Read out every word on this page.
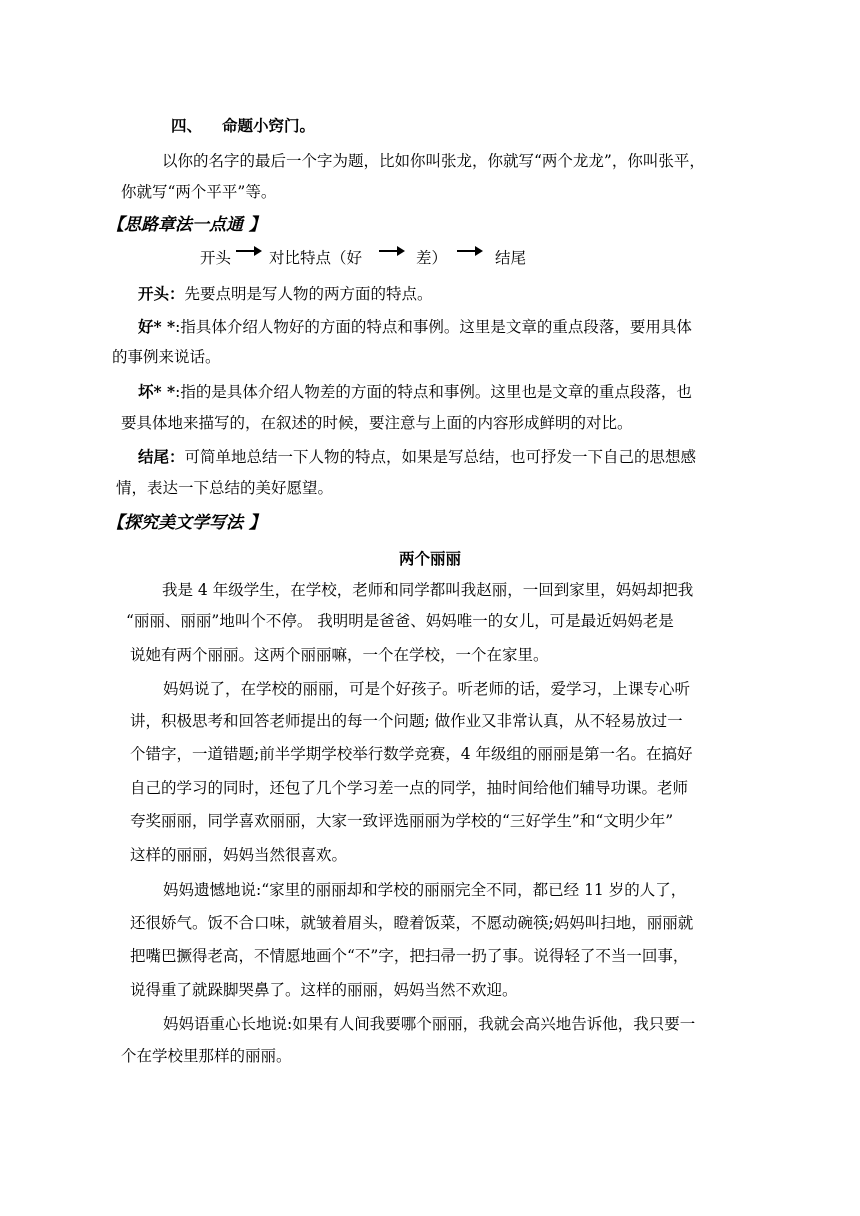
四、 命题小窍门。
以你的名字的最后一个字为题，比如你叫张龙，你就写“两个龙龙”，你叫张平，
你就写“两个平平”等。
【思路章法一点通 】
开头 对比特点（好	差）	结尾
开头：先要点明是写人物的两方面的特点。
好* *:指具体介绍人物好的方面的特点和事例。这里是文章的重点段落，要用具体
的事例来说话。
坏* *:指的是具体介绍人物差的方面的特点和事例。这里也是文章的重点段落，也
要具体地来描写的，在叙述的时候，要注意与上面的内容形成鲜明的对比。
结尾：可简单地总结一下人物的特点，如果是写总结，也可抒发一下自己的思想感
情，表达一下总结的美好愿望。
【探究美文学写法 】
两个丽丽
我是 4 年级学生，在学校，老师和同学都叫我赵丽，一回到家里，妈妈却把我
“丽丽、丽丽”地叫个不停。 我明明是爸爸、妈妈唯一的女儿，可是最近妈妈老是
说她有两个丽丽。这两个丽丽嘛，一个在学校，一个在家里。
妈妈说了，在学校的丽丽，可是个好孩子。听老师的话，爱学习，上课专心听
讲，积极思考和回答老师提出的每一个问题; 做作业又非常认真，从不轻易放过一
个错字，一道错题;前半学期学校举行数学竞赛，4 年级组的丽丽是第一名。在搞好
自己的学习的同时，还包了几个学习差一点的同学，抽时间给他们辅导功课。老师
夸奖丽丽，同学喜欢丽丽，大家一致评选丽丽为学校的“三好学生”和“文明少年”
这样的丽丽，妈妈当然很喜欢。
妈妈遗憾地说:“家里的丽丽却和学校的丽丽完全不同，都已经 11 岁的人了，
还很娇气。饭不合口味，就皱着眉头，瞪着饭菜，不愿动碗筷;妈妈叫扫地，丽丽就
把嘴巴撅得老高，不情愿地画个“不”字，把扫帚一扔了事。说得轻了不当一回事，
说得重了就跺脚哭鼻了。这样的丽丽，妈妈当然不欢迎。
妈妈语重心长地说:如果有人间我要哪个丽丽，我就会高兴地告诉他，我只要一
个在学校里那样的丽丽。
